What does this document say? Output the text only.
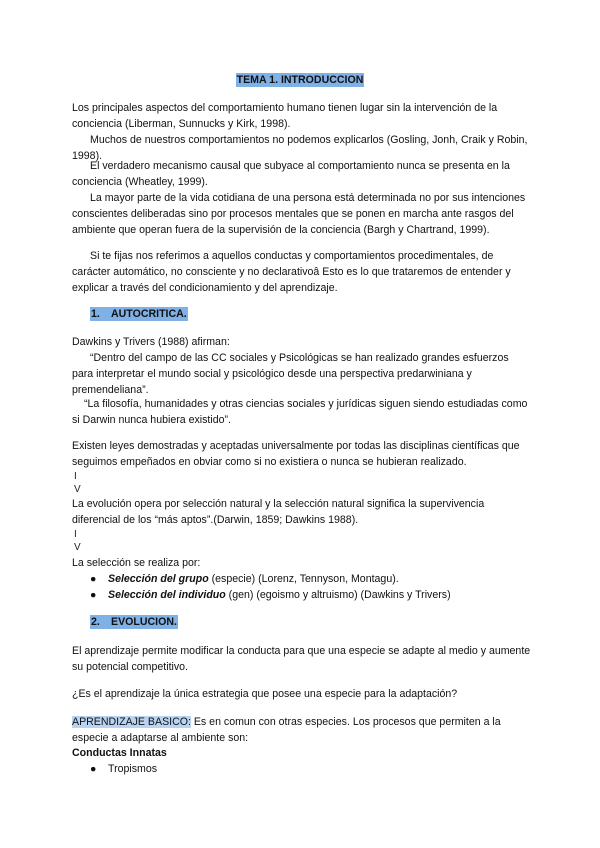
TEMA 1. INTRODUCCION

Los principales aspectos del comportamiento humano tienen lugar sin la intervención de la conciencia (Liberman, Sunnucks y Kirk, 1998).

Muchos de nuestros comportamientos no podemos explicarlos (Gosling, Jonh, Craik y Robin, 1998).

El verdadero mecanismo causal que subyace al comportamiento nunca se presenta en la conciencia (Wheatley, 1999).

La mayor parte de la vida cotidiana de una persona está determinada no por sus intenciones conscientes deliberadas sino por procesos mentales que se ponen en marcha ante rasgos del ambiente que operan fuera de la supervisión de la conciencia (Bargh y Chartrand, 1999).

Si te fijas nos referimos a aquellos conductas y comportamientos procedimentales, de carácter automático, no consciente y no declarativoâ Esto es lo que trataremos de entender y explicar a través del condicionamiento y del aprendizaje.

1. AUTOCRITICA.

Dawkins y Trivers (1988) afirman:

“Dentro del campo de las CC sociales y Psicológicas se han realizado grandes esfuerzos para interpretar el mundo social y psicológico desde una perspectiva predarwiniana y premendeliana”.

“La filosofía, humanidades y otras ciencias sociales y jurídicas siguen siendo estudiadas como si Darwin nunca hubiera existido”.

Existen leyes demostradas y aceptadas universalmente por todas las disciplinas científicas que seguimos empeñados en obviar como si no existiera o nunca se hubieran realizado.

I
V

La evolución opera por selección natural y la selección natural significa la supervivencia diferencial de los “más aptos”.(Darwin, 1859; Dawkins 1988).

I
V

La selección se realiza por:

● Selección del grupo (especie) (Lorenz, Tennyson, Montagu).
● Selección del individuo (gen) (egoismo y altruismo) (Dawkins y Trivers)
2. EVOLUCION.

El aprendizaje permite modificar la conducta para que una especie se adapte al medio y aumente su potencial competitivo.

¿Es el aprendizaje la única estrategia que posee una especie para la adaptación?

APRENDIZAJE BASICO: Es en comun con otras especies. Los procesos que permiten a la especie a adaptarse al ambiente son:

Conductas Innatas

● Tropismos
